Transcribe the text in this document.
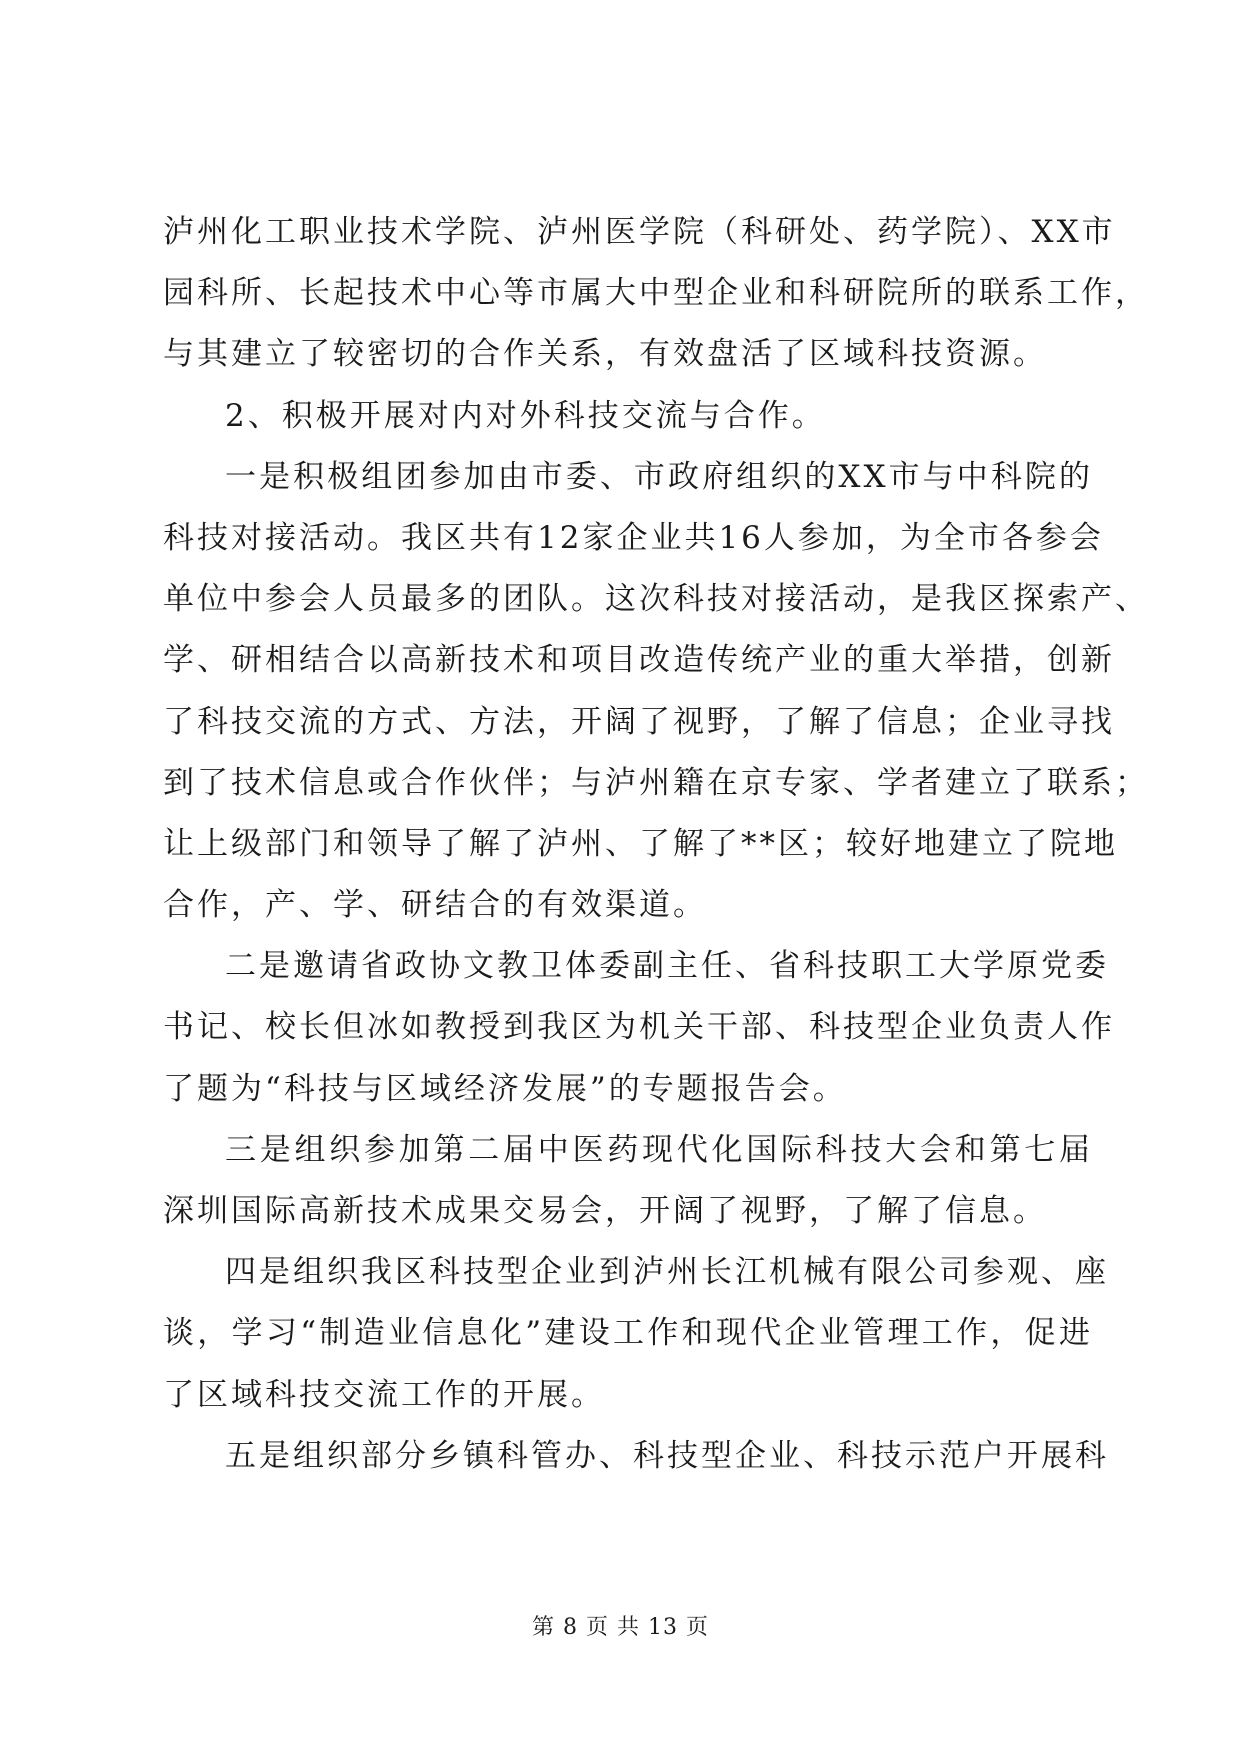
泸州化工职业技术学院、泸州医学院（科研处、药学院）、XX市
园科所、长起技术中心等市属大中型企业和科研院所的联系工作，
与其建立了较密切的合作关系，有效盘活了区域科技资源。
2、积极开展对内对外科技交流与合作。
一是积极组团参加由市委、市政府组织的XX市与中科院的
科技对接活动。我区共有12家企业共16人参加，为全市各参会
单位中参会人员最多的团队。这次科技对接活动，是我区探索产、
学、研相结合以高新技术和项目改造传统产业的重大举措，创新
了科技交流的方式、方法，开阔了视野，了解了信息；企业寻找
到了技术信息或合作伙伴；与泸州籍在京专家、学者建立了联系；
让上级部门和领导了解了泸州、了解了**区；较好地建立了院地
合作，产、学、研结合的有效渠道。
二是邀请省政协文教卫体委副主任、省科技职工大学原党委
书记、校长但冰如教授到我区为机关干部、科技型企业负责人作
了题为“科技与区域经济发展”的专题报告会。
三是组织参加第二届中医药现代化国际科技大会和第七届
深圳国际高新技术成果交易会，开阔了视野，了解了信息。
四是组织我区科技型企业到泸州长江机械有限公司参观、座
谈，学习“制造业信息化”建设工作和现代企业管理工作，促进
了区域科技交流工作的开展。
五是组织部分乡镇科管办、科技型企业、科技示范户开展科
第 8 页 共 13 页
